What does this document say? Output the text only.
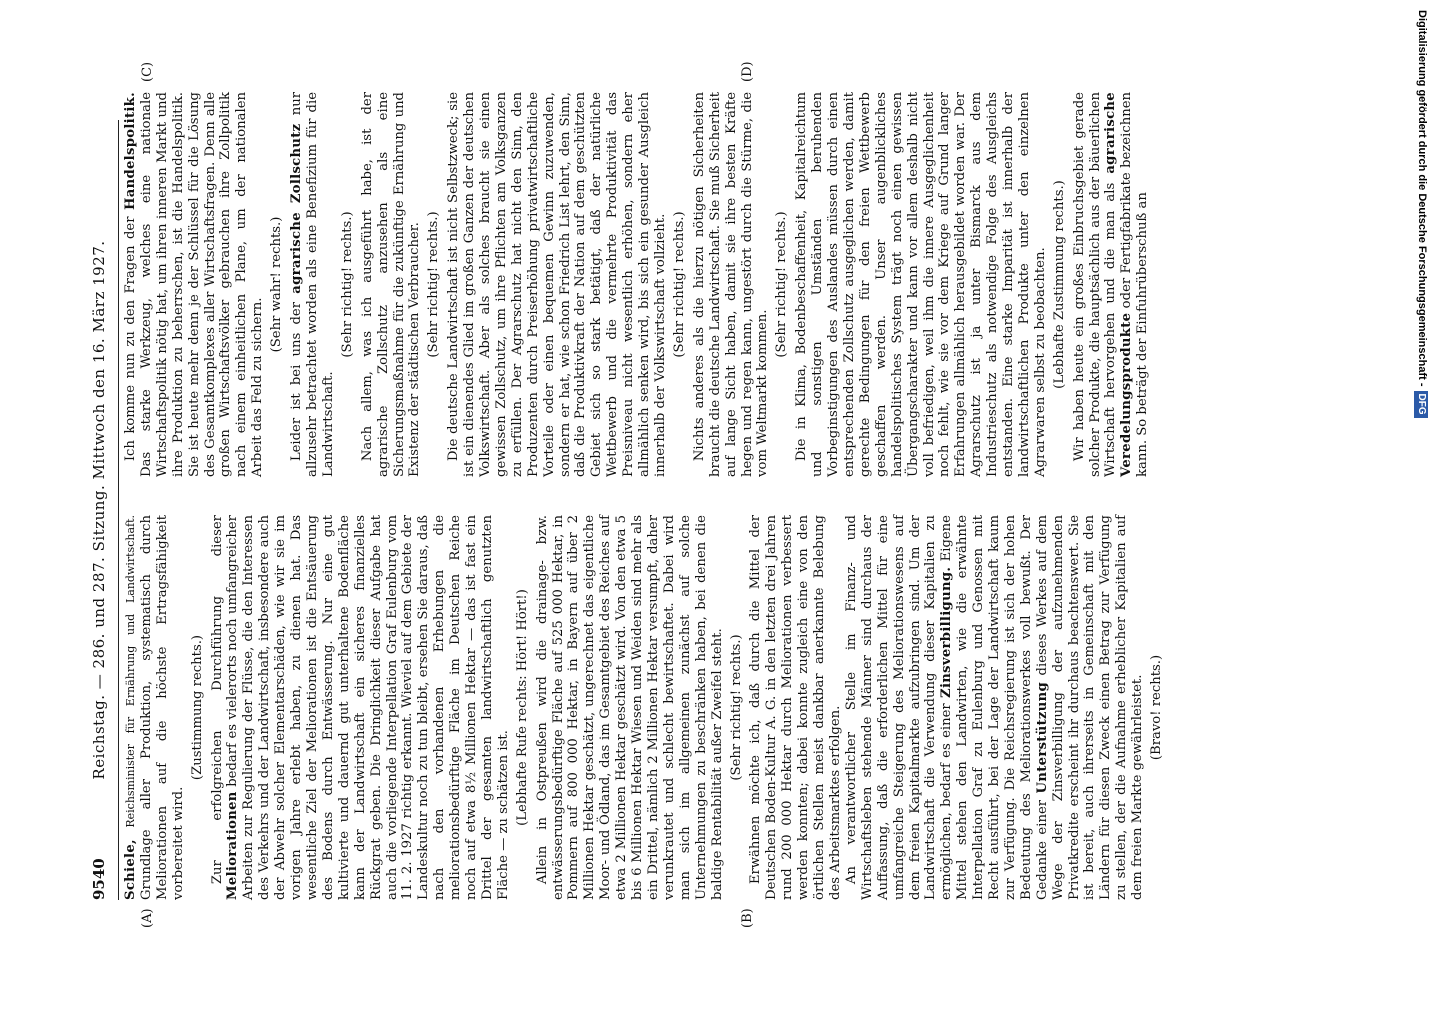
9540
Reichstag. — 286. und 287. Sitzung. Mittwoch den 16. März 1927.
(A)	(B)
(C)	(D)

Schiele, Reichsminister für Ernährung und Landwirtschaft. Grundlage aller Produktion, systematisch durch Meliorationen auf die höchste Ertragsfähigkeit vorbereitet wird.

(Zustimmung rechts.) Zur erfolgreichen Durchführung dieser Meliorationen bedarf es vielerorts noch umfangreicher Arbeiten zur Regulierung der Flüsse, die den Interessen des Verkehrs und der Landwirtschaft, insbesondere auch der Abwehr solcher Elementarschäden, wie wir sie im vorigen Jahre erlebt haben, zu dienen hat. Das wesentliche Ziel der Meliorationen ist die Entsäuerung des Bodens durch Entwässerung. Nur eine gut kultivierte und dauernd gut unterhaltene Bodenfläche kann der Landwirtschaft ein sicheres finanzielles Rückgrat geben. Die Dringlichkeit dieser Aufgabe hat auch die vorliegende Interpellation Graf Eulenburg vom 11. 2. 1927 richtig erkannt. Wieviel auf dem Gebiete der Landeskultur noch zu tun bleibt, ersehen Sie daraus, daß nach den vorhandenen Erhebungen die meliorationsbedürftige Fläche im Deutschen Reiche noch auf etwa 8½ Millionen Hektar — das ist fast ein Drittel der gesamten landwirtschaftlich genutzten Fläche — zu schätzen ist. (Lebhafte Rufe rechts: Hört! Hört!) Allein in Ostpreußen wird die drainage- bzw. entwässerungsbedürftige Fläche auf 525 000 Hektar, in Pommern auf 800 000 Hektar, in Bayern auf über 2 Millionen Hektar geschätzt, ungerechnet das eigentliche Moor- und Ödland, das im Gesamtgebiet des Reiches auf etwa 2 Millionen Hektar geschätzt wird. Von den etwa 5 bis 6 Millionen Hektar Wiesen und Weiden sind mehr als ein Drittel, nämlich 2 Millionen Hektar versumpft, daher verunkrautet und schlecht bewirtschaftet. Dabei wird man sich im allgemeinen zunächst auf solche Unternehmungen zu beschränken haben, bei denen die baldige Rentabilität außer Zweifel steht. (Sehr richtig! rechts.) Erwähnen möchte ich, daß durch die Mittel der Deutschen Boden-Kultur A. G. in den letzten drei Jahren rund 200 000 Hektar durch Meliorationen verbessert werden konnten; dabei konnte zugleich eine von den örtlichen Stellen meist dankbar anerkannte Belebung des Arbeitsmarktes erfolgen. An verantwortlicher Stelle im Finanz- und Wirtschaftsleben stehende Männer sind durchaus der Auffassung, daß die erforderlichen Mittel für eine umfangreiche Steigerung des Meliorationswesens auf dem freien Kapitalmarkte aufzubringen sind. Um der Landwirtschaft die Verwendung dieser Kapitalien zu ermöglichen, bedarf es einer Zinsverbilligung. Eigene Mittel stehen den Landwirten, wie die erwähnte Interpellation Graf zu Eulenburg und Genossen mit Recht ausführt, bei der Lage der Landwirtschaft kaum zur Verfügung. Die Reichsregierung ist sich der hohen Bedeutung des Meliorationswerkes voll bewußt. Der Gedanke einer Unterstützung dieses Werkes auf dem Wege der Zinsverbilligung der aufzunehmenden Privatkredite erscheint ihr durchaus beachtenswert. Sie ist bereit, auch ihrerseits in Gemeinschaft mit den Ländern für diesen Zweck einen Betrag zur Verfügung zu stellen, der die Aufnahme erheblicher Kapitalien auf dem freien Markte gewährleistet. (Bravo! rechts.)

Ich komme nun zu den Fragen der Handelspolitik. Das starke Werkzeug, welches eine nationale Wirtschaftspolitik nötig hat, um ihren inneren Markt und ihre Produktion zu beherrschen, ist die Handelspolitik. Sie ist heute mehr denn je der Schlüssel für die Lösung des Gesamtkomplexes aller Wirtschaftsfragen. Denn alle großen Wirtschaftsvölker gebrauchen ihre Zollpolitik nach einem einheitlichen Plane, um der nationalen Arbeit das Feld zu sichern.

(Sehr wahr! rechts.)

Leider ist bei uns der agrarische Zollschutz nur allzusehr betrachtet worden als eine Benefizium für die Landwirtschaft.

(Sehr richtig! rechts.) Nach allem, was ich ausgeführt habe, ist der agrarische Zollschutz anzusehen als eine Sicherungsmaßnahme für die zukünftige Ernährung und Existenz der städtischen Verbraucher. (Sehr richtig! rechts.) Die deutsche Landwirtschaft ist nicht Selbstzweck; sie ist ein dienendes Glied im großen Ganzen der deutschen Volkswirtschaft. Aber als solches braucht sie einen gewissen Zollschutz, um ihre Pflichten am Volksganzen zu erfüllen. Der Agrarschutz hat nicht den Sinn, den Produzenten durch Preiserhöhung privatwirtschaftliche Vorteile oder einen bequemen Gewinn zuzuwenden, sondern er hat, wie schon Friedrich List lehrt, den Sinn, daß die Produktivkraft der Nation auf dem geschützten Gebiet sich so stark betätigt, daß der natürliche Wettbewerb und die vermehrte Produktivität das Preisniveau nicht wesentlich erhöhen, sondern eher allmählich senken wird, bis sich ein gesunder Ausgleich innerhalb der Volkswirtschaft vollzieht. (Sehr richtig! rechts.) Nichts anderes als die hierzu nötigen Sicherheiten braucht die deutsche Landwirtschaft. Sie muß Sicherheit auf lange Sicht haben, damit sie ihre besten Kräfte hegen und regen kann, ungestört durch die Stürme, die vom Weltmarkt kommen.

(Sehr richtig! rechts.) Die in Klima, Bodenbeschaffenheit, Kapitalreichtum und sonstigen Umständen beruhenden Vorbeginstigungen des Auslandes müssen durch einen entsprechenden Zollschutz ausgeglichen werden, damit gerechte Bedingungen für den freien Wettbewerb geschaffen werden. Unser augenblickliches handelspolitisches System trägt noch einen gewissen Übergangscharakter und kann vor allem deshalb nicht voll befriedigen, weil ihm die innere Ausgeglichenheit noch fehlt, wie sie vor dem Kriege auf Grund langer Erfahrungen allmählich herausgebildet worden war. Der Agrarschutz ist ja unter Bismarck aus dem Industrieschutz als notwendige Folge des Ausgleichs entstanden. Eine starke Imparität ist innerhalb der landwirtschaftlichen Produkte unter den einzelnen Agrarwaren selbst zu beobachten. (Lebhafte Zustimmung rechts.) Wir haben heute ein großes Einbruchsgebiet gerade solcher Produkte, die hauptsächlich aus der bäuerlichen Wirtschaft hervorgehen und die man als agrarische Veredelungsprodukte oder Fertigfabrikate bezeichnen kann. So beträgt der Einfuhrüberschuß an	Digitalisierung gefördert durch die Deutsche Forschungsgemeinschaft -DFG
